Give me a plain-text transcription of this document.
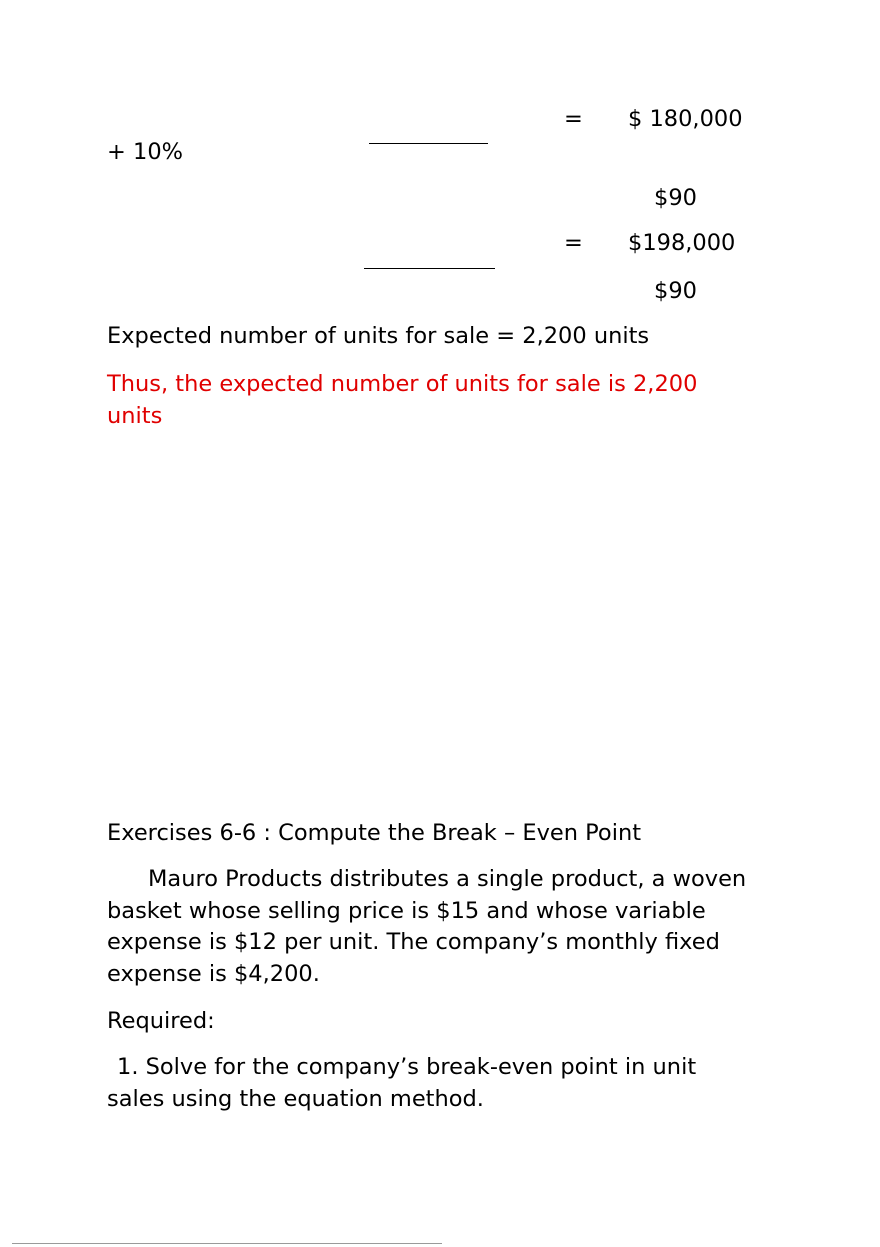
= $ 180,000
+ 10%
$90
= $198,000
$90
Expected number of units for sale = 2,200 units

Thus, the expected number of units for sale is 2,200 units

Exercises 6-6 : Compute the Break – Even Point

Mauro Products distributes a single product, a woven basket whose selling price is $15 and whose variable expense is $12 per unit. The company’s monthly fixed expense is $4,200.

Required:

1. Solve for the company’s break-even point in unit sales using the equation method.
